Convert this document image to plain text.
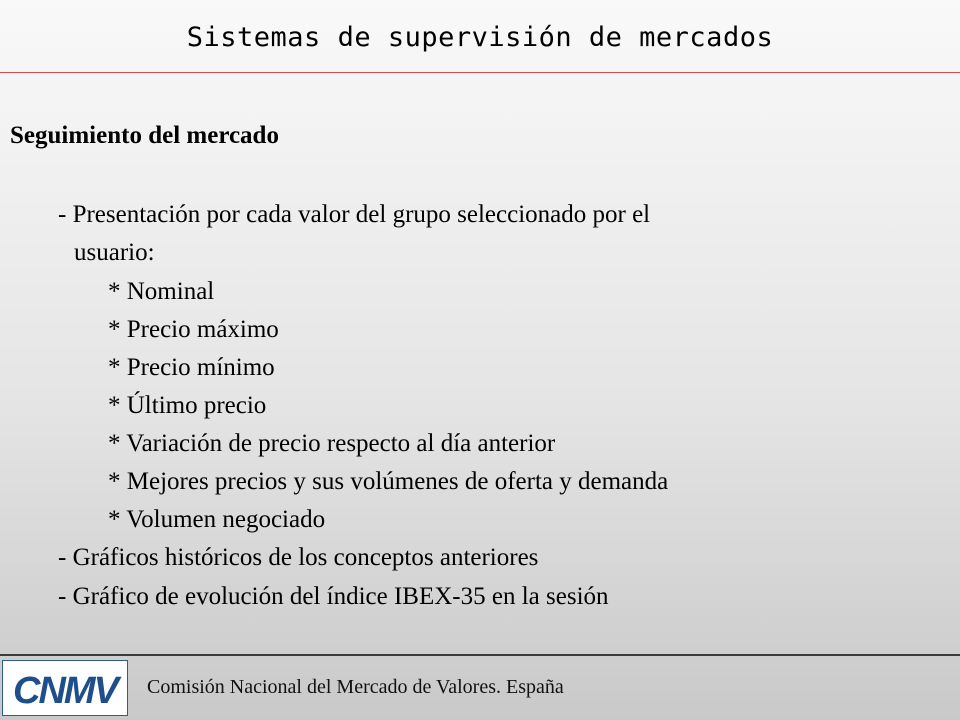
Sistemas de supervisión de mercados
Seguimiento del mercado
- Presentación por cada valor del grupo seleccionado por el
usuario:
* Nominal
* Precio máximo
* Precio mínimo
* Último precio
* Variación de precio respecto al día anterior
* Mejores precios y sus volúmenes de oferta y demanda
* Volumen negociado
- Gráficos históricos de los conceptos anteriores
- Gráfico de evolución del índice IBEX-35 en la sesión
CNMV Comisión Nacional del Mercado de Valores. España
